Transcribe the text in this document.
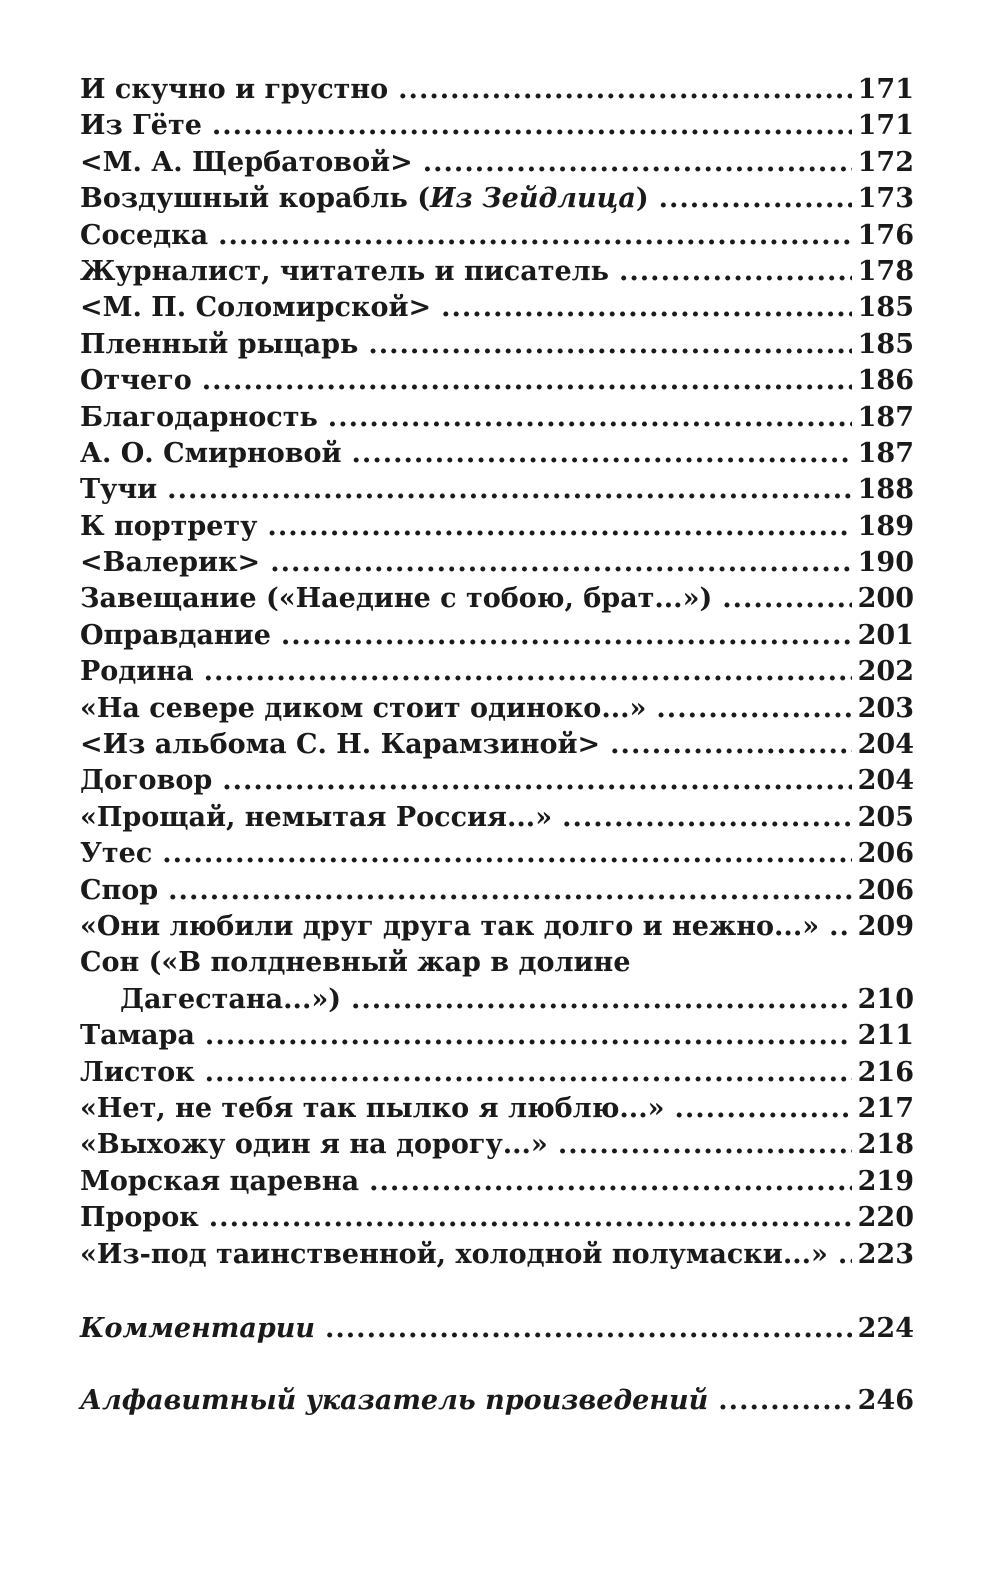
И скучно и грустно .....	171
Из Гёте .....	171
<М. А. Щербатовой> .....	172
Воздушный корабль (Из Зейдлица) .....	173
Соседка .....	176
Журналист, читатель и писатель .....	178
<М. П. Соломирской> .....	185
Пленный рыцарь .....	185
Отчего .....	186
Благодарность .....	187
А. О. Смирновой .....	187
Тучи .....	188
К портрету .....	189
<Валерик> .....	190
Завещание («Наедине с тобою, брат...») .....	200
Оправдание .....	201
Родина .....	202
«На севере диком стоит одиноко...» .....	203
<Из альбома С. Н. Карамзиной> .....	204
Договор .....	204
«Прощай, немытая Россия...» .....	205
Утес .....	206
Спор .....	206
«Они любили друг друга так долго и нежно...» ..... 209
Сон («В полдневный жар в долине
Дагестана...») .....	210
Тамара .....	211
Листок .....	216
«Нет, не тебя так пылко я люблю...» .....	217
«Выхожу один я на дорогу...» .....	218
Морская царевна .....	219
Пророк .....	220
«Из-под таинственной, холодной полумаски...» ..... 223
Комментарии .....	224
Алфавитный указатель произведений .....	246
